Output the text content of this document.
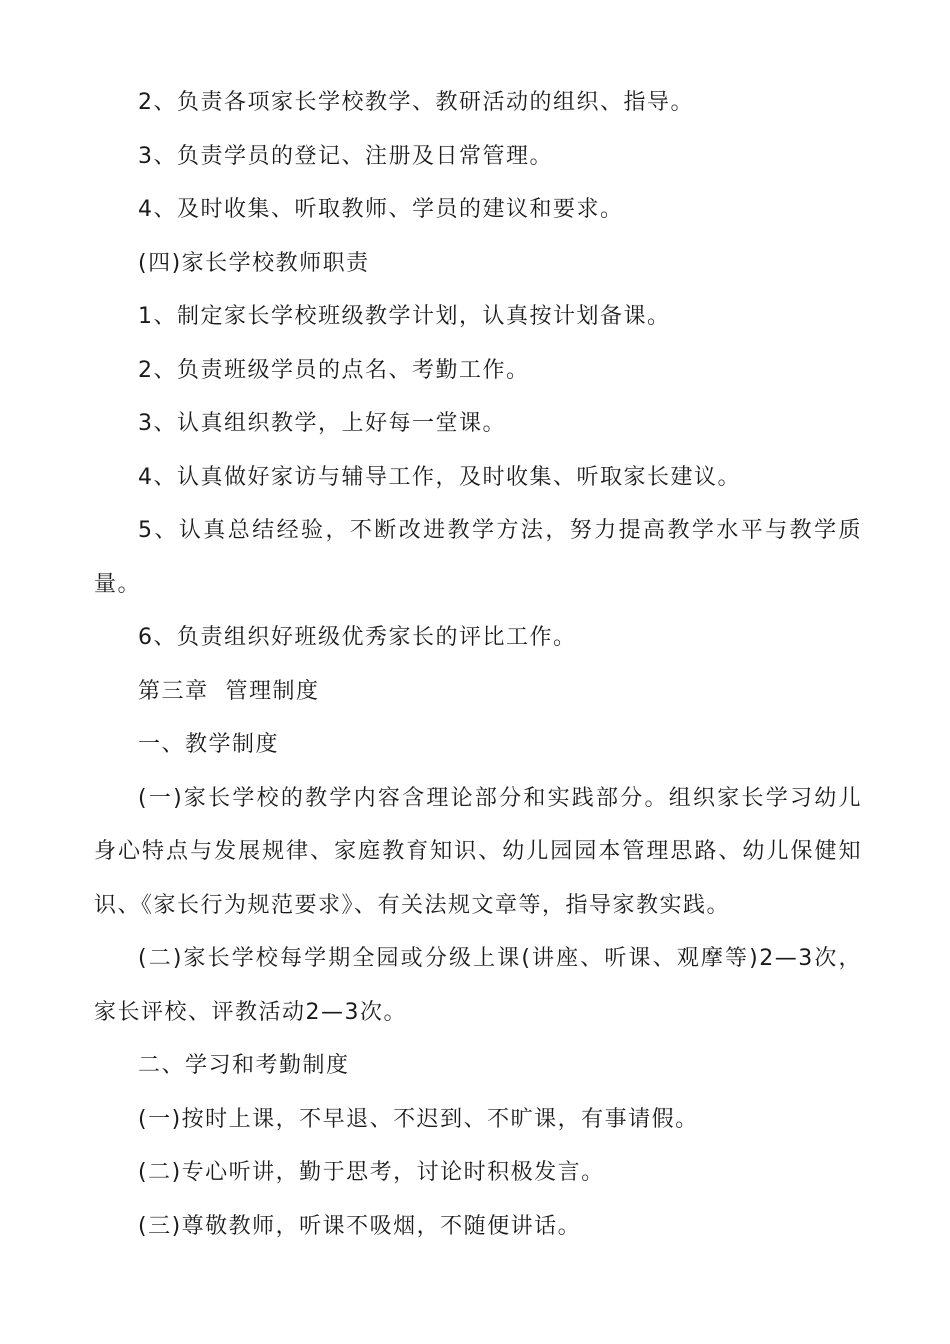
2、负责各项家长学校教学、教研活动的组织、指导。

3、负责学员的登记、注册及日常管理。

4、及时收集、听取教师、学员的建议和要求。

(四)家长学校教师职责

1、制定家长学校班级教学计划，认真按计划备课。

2、负责班级学员的点名、考勤工作。

3、认真组织教学，上好每一堂课。

4、认真做好家访与辅导工作，及时收集、听取家长建议。

5、认真总结经验，不断改进教学方法，努力提高教学水平与教学质量。

6、负责组织好班级优秀家长的评比工作。

第三章  管理制度

一、教学制度

(一)家长学校的教学内容含理论部分和实践部分。组织家长学习幼儿身心特点与发展规律、家庭教育知识、幼儿园园本管理思路、幼儿保健知识、《家长行为规范要求》、有关法规文章等，指导家教实践。

(二)家长学校每学期全园或分级上课(讲座、听课、观摩等)2—3次，家长评校、评教活动2—3次。

二、学习和考勤制度

(一)按时上课，不早退、不迟到、不旷课，有事请假。

(二)专心听讲，勤于思考，讨论时积极发言。

(三)尊敬教师，听课不吸烟，不随便讲话。
